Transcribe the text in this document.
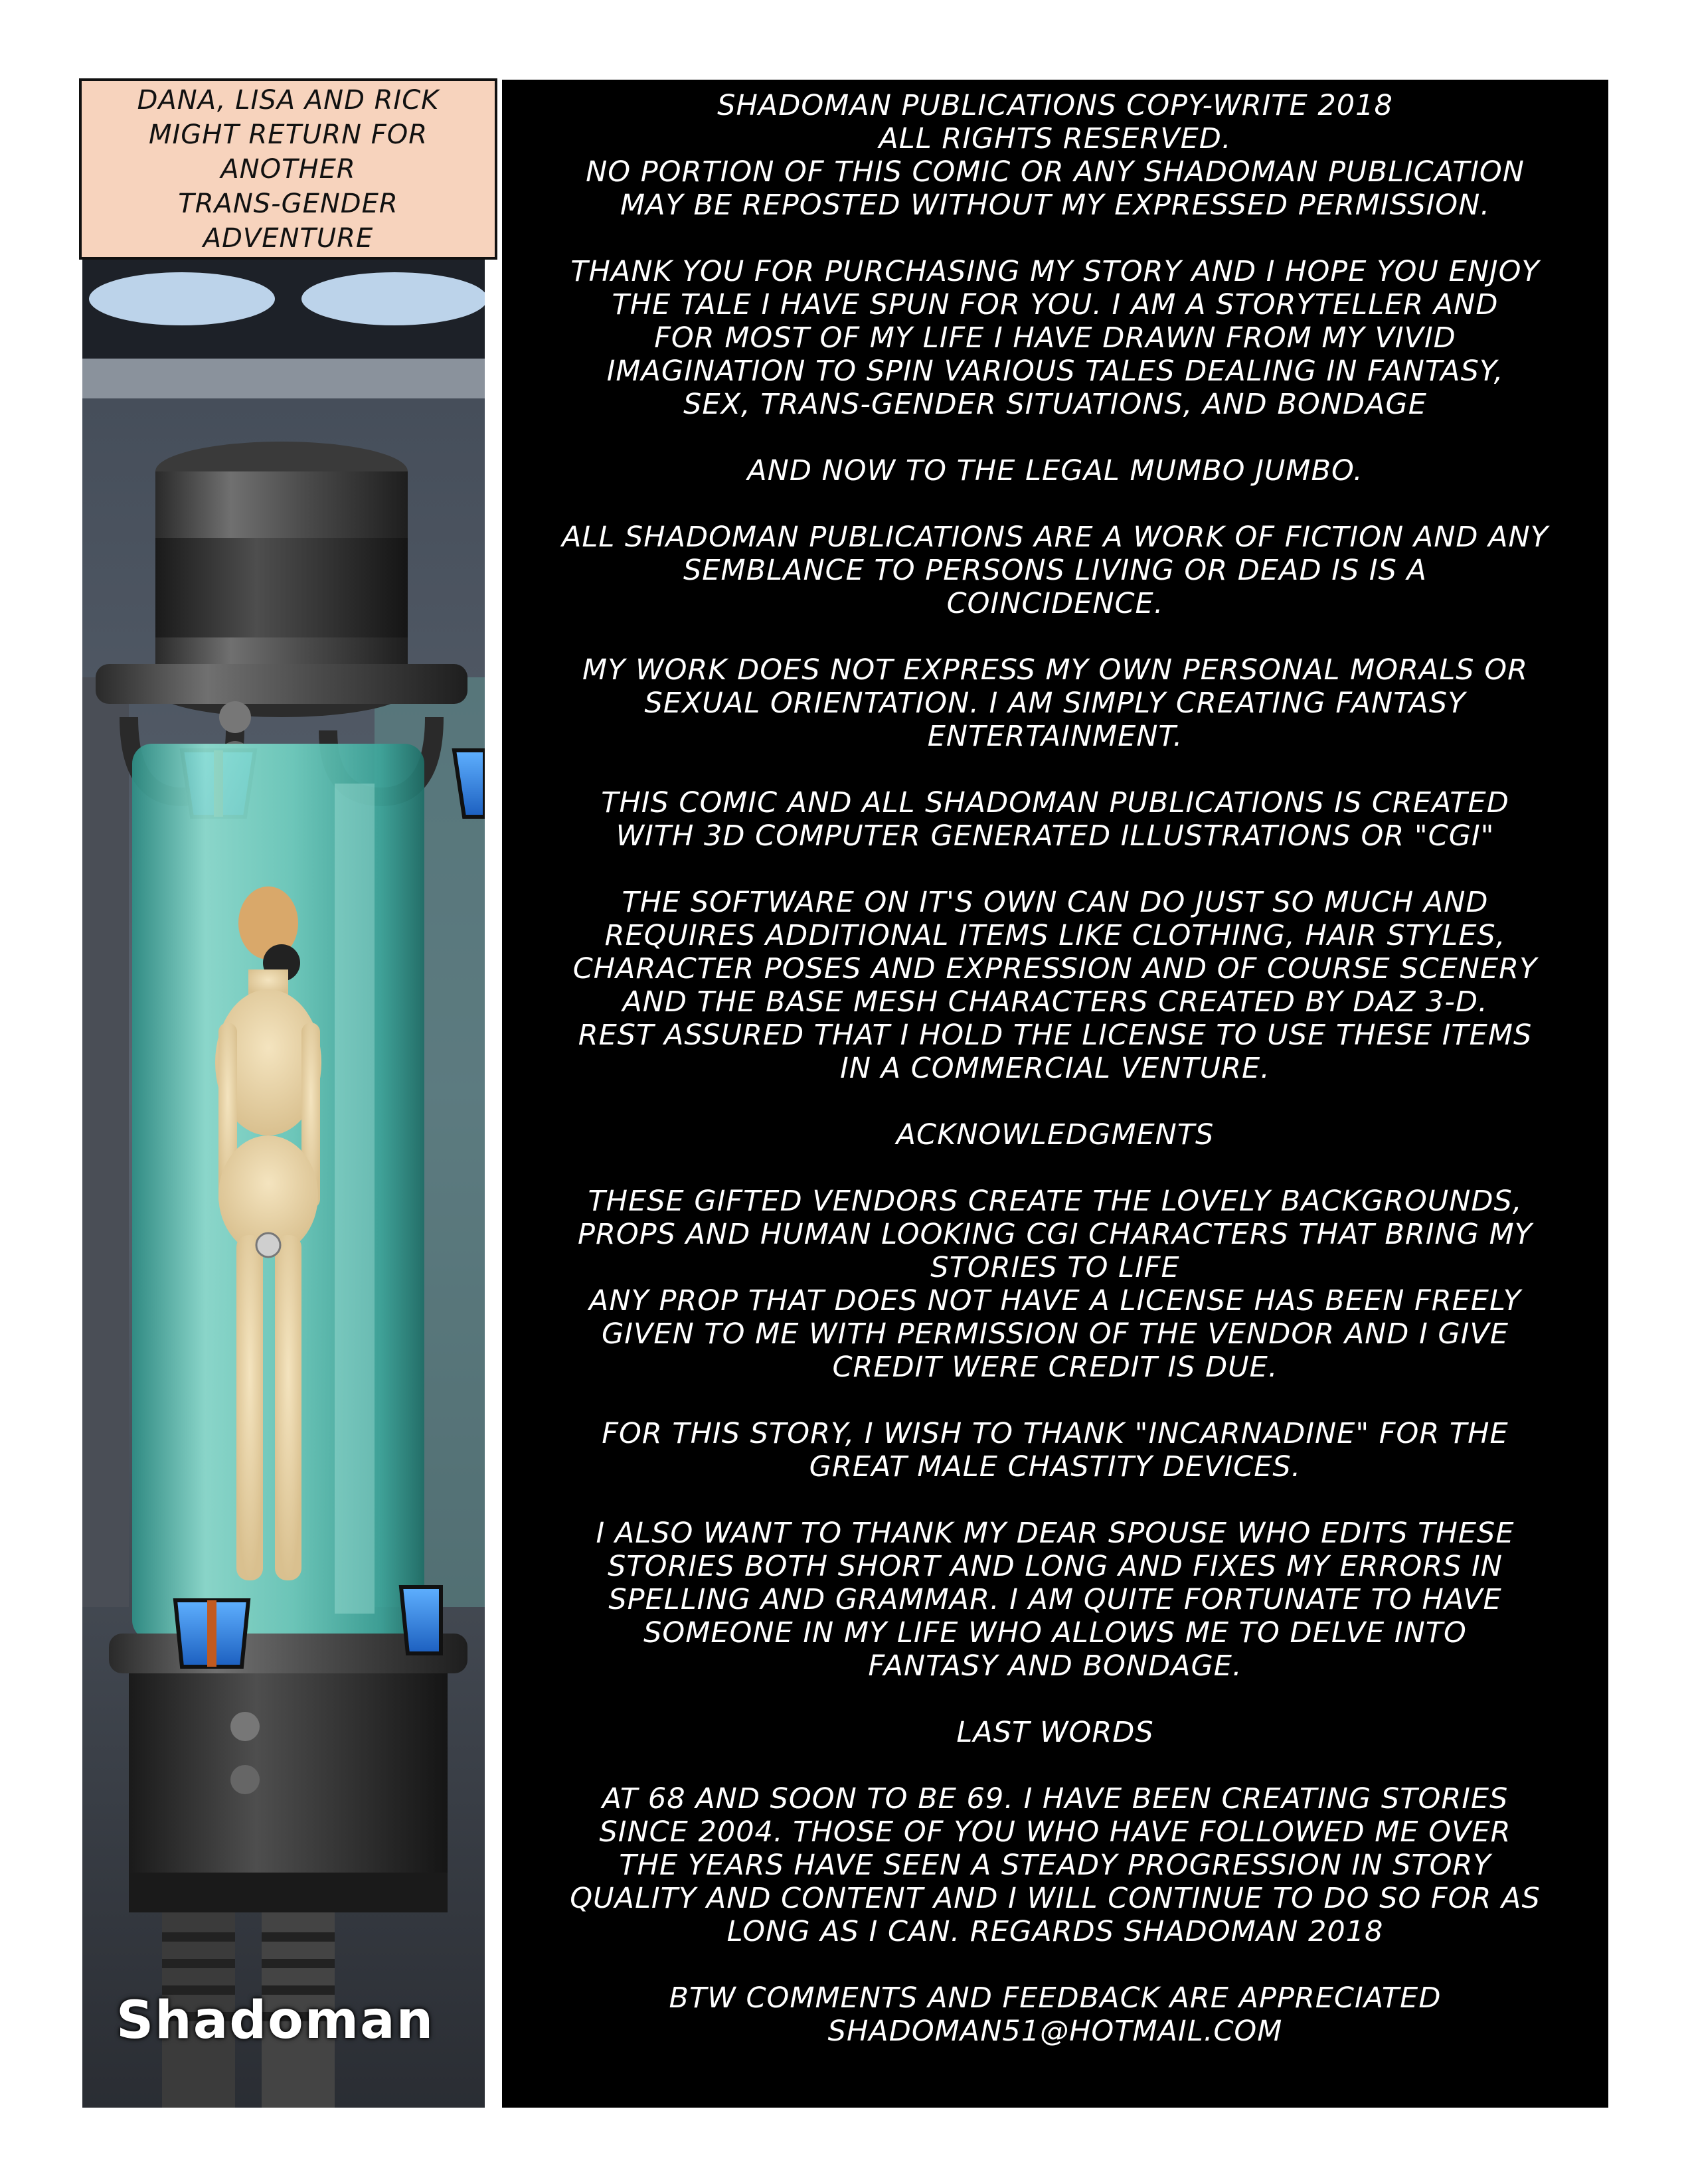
DANA, LISA AND RICK
MIGHT RETURN FOR
ANOTHER
TRANS-GENDER
ADVENTURE
Shadoman
SHADOMAN PUBLICATIONS COPY-WRITE 2018
ALL RIGHTS RESERVED.
NO PORTION OF THIS COMIC OR ANY SHADOMAN PUBLICATION
MAY BE REPOSTED WITHOUT MY EXPRESSED PERMISSION.
THANK YOU FOR PURCHASING MY STORY AND I HOPE YOU ENJOY
THE TALE I HAVE SPUN FOR YOU. I AM A STORYTELLER AND
FOR MOST OF MY LIFE I HAVE DRAWN FROM MY VIVID
IMAGINATION TO SPIN VARIOUS TALES DEALING IN FANTASY,
SEX, TRANS-GENDER SITUATIONS, AND BONDAGE
AND NOW TO THE LEGAL MUMBO JUMBO.
ALL SHADOMAN PUBLICATIONS ARE A WORK OF FICTION AND ANY
SEMBLANCE TO PERSONS LIVING OR DEAD IS IS A
COINCIDENCE.
MY WORK DOES NOT EXPRESS MY OWN PERSONAL MORALS OR
SEXUAL ORIENTATION. I AM SIMPLY CREATING FANTASY
ENTERTAINMENT.
THIS COMIC AND ALL SHADOMAN PUBLICATIONS IS CREATED
WITH 3D COMPUTER GENERATED ILLUSTRATIONS OR "CGI"
THE SOFTWARE ON IT'S OWN CAN DO JUST SO MUCH AND
REQUIRES ADDITIONAL ITEMS LIKE CLOTHING, HAIR STYLES,
CHARACTER POSES AND EXPRESSION AND OF COURSE SCENERY
AND THE BASE MESH CHARACTERS CREATED BY DAZ 3-D.
REST ASSURED THAT I HOLD THE LICENSE TO USE THESE ITEMS
IN A COMMERCIAL VENTURE.
ACKNOWLEDGMENTS
THESE GIFTED VENDORS CREATE THE LOVELY BACKGROUNDS,
PROPS AND HUMAN LOOKING CGI CHARACTERS THAT BRING MY
STORIES TO LIFE
ANY PROP THAT DOES NOT HAVE A LICENSE HAS BEEN FREELY
GIVEN TO ME WITH PERMISSION OF THE VENDOR AND I GIVE
CREDIT WERE CREDIT IS DUE.
FOR THIS STORY, I WISH TO THANK "INCARNADINE" FOR THE
GREAT MALE CHASTITY DEVICES.
I ALSO WANT TO THANK MY DEAR SPOUSE WHO EDITS THESE
STORIES BOTH SHORT AND LONG AND FIXES MY ERRORS IN
SPELLING AND GRAMMAR. I AM QUITE FORTUNATE TO HAVE
SOMEONE IN MY LIFE WHO ALLOWS ME TO DELVE INTO
FANTASY AND BONDAGE.
LAST WORDS
AT 68 AND SOON TO BE 69. I HAVE BEEN CREATING STORIES
SINCE 2004. THOSE OF YOU WHO HAVE FOLLOWED ME OVER
THE YEARS HAVE SEEN A STEADY PROGRESSION IN STORY
QUALITY AND CONTENT AND I WILL CONTINUE TO DO SO FOR AS
LONG AS I CAN. REGARDS SHADOMAN 2018
BTW COMMENTS AND FEEDBACK ARE APPRECIATED
SHADOMAN51@HOTMAIL.COM
